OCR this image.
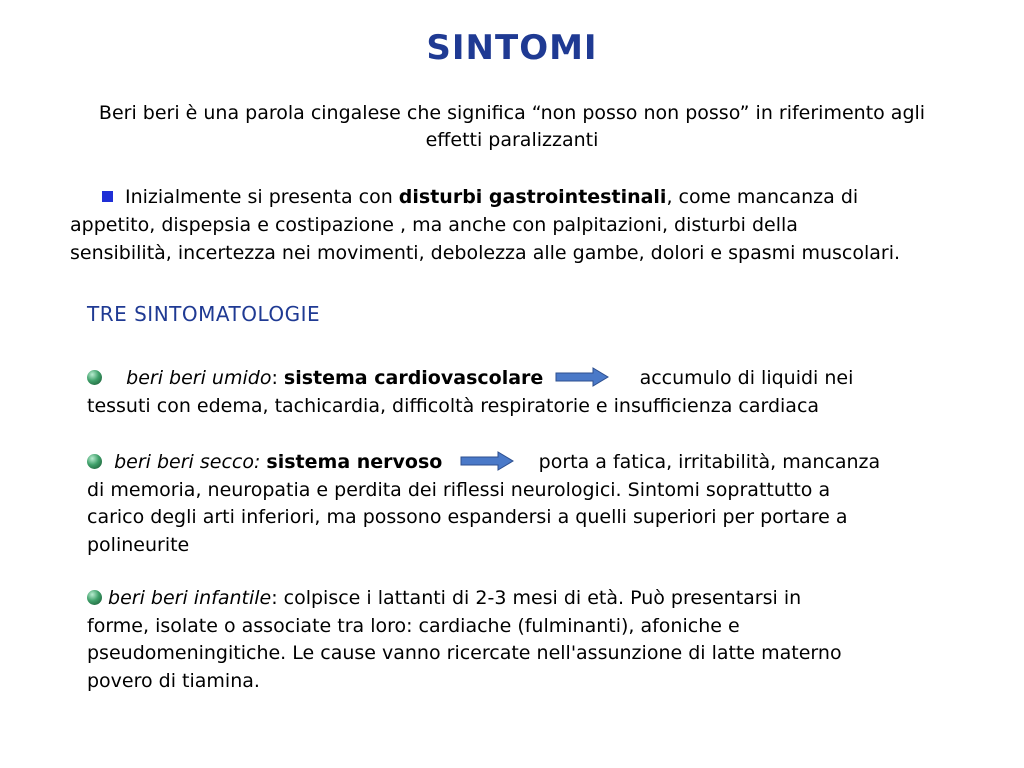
SINTOMI
Beri beri è una parola cingalese che significa “non posso non posso” in riferimento agli
effetti paralizzanti
Inizialmente si presenta con disturbi gastrointestinali, come mancanza di
appetito, dispepsia e costipazione , ma anche con palpitazioni, disturbi della
sensibilità, incertezza nei movimenti, debolezza alle gambe, dolori e spasmi muscolari.
TRE SINTOMATOLOGIE
beri beri umido: sistema cardiovascolare	accumulo di liquidi nei
tessuti con edema, tachicardia, difficoltà respiratorie e insufficienza cardiaca
beri beri secco: sistema nervoso	porta a fatica, irritabilità, mancanza
di memoria, neuropatia e perdita dei riflessi neurologici. Sintomi soprattutto a
carico degli arti inferiori, ma possono espandersi a quelli superiori per portare a
polineurite
beri beri infantile: colpisce i lattanti di 2-3 mesi di età. Può presentarsi in
forme, isolate o associate tra loro: cardiache (fulminanti), afoniche e
pseudomeningitiche. Le cause vanno ricercate nell'assunzione di latte materno
povero di tiamina.
